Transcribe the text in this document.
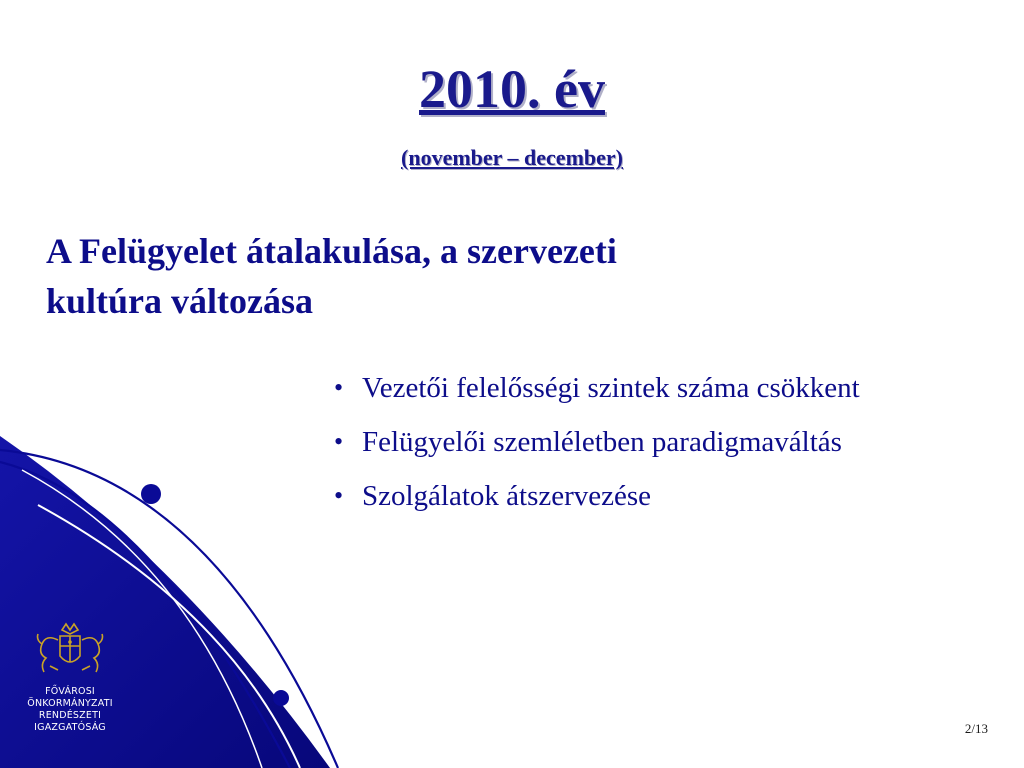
2010. év
(november – december)
A Felügyelet átalakulása, a szervezeti
kultúra változása
• Vezetői felelősségi szintek száma csökkent
• Felügyelői szemléletben paradigmaváltás
• Szolgálatok átszervezése
FŐVÁROSI
ÖNKORMÁNYZATI
RENDÉSZETI
IGAZGATÓSÁG	2/13
